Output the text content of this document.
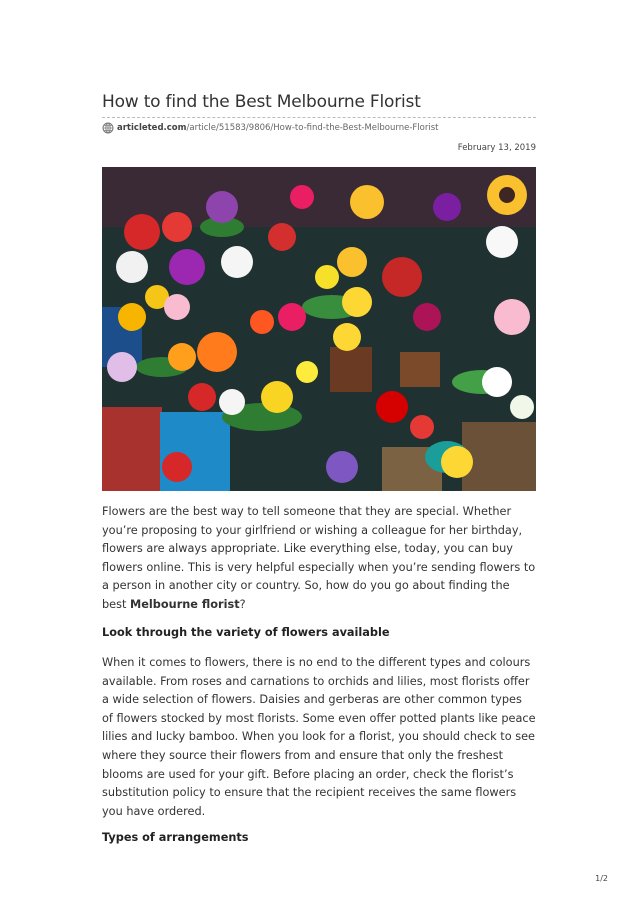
How to find the Best Melbourne Florist
articleted.com/article/51583/9806/How-to-find-the-Best-Melbourne-Florist
February 13, 2019

Flowers are the best way to tell someone that they are special. Whether you’re proposing to your girlfriend or wishing a colleague for her birthday, flowers are always appropriate. Like everything else, today, you can buy flowers online. This is very helpful especially when you’re sending flowers to a person in another city or country. So, how do you go about finding the best Melbourne florist?

Look through the variety of flowers available

When it comes to flowers, there is no end to the different types and colours available. From roses and carnations to orchids and lilies, most florists offer a wide selection of flowers. Daisies and gerberas are other common types of flowers stocked by most florists. Some even offer potted plants like peace lilies and lucky bamboo. When you look for a florist, you should check to see where they source their flowers from and ensure that only the freshest blooms are used for your gift. Before placing an order, check the florist’s substitution policy to ensure that the recipient receives the same flowers you have ordered.

Types of arrangements
1/2
